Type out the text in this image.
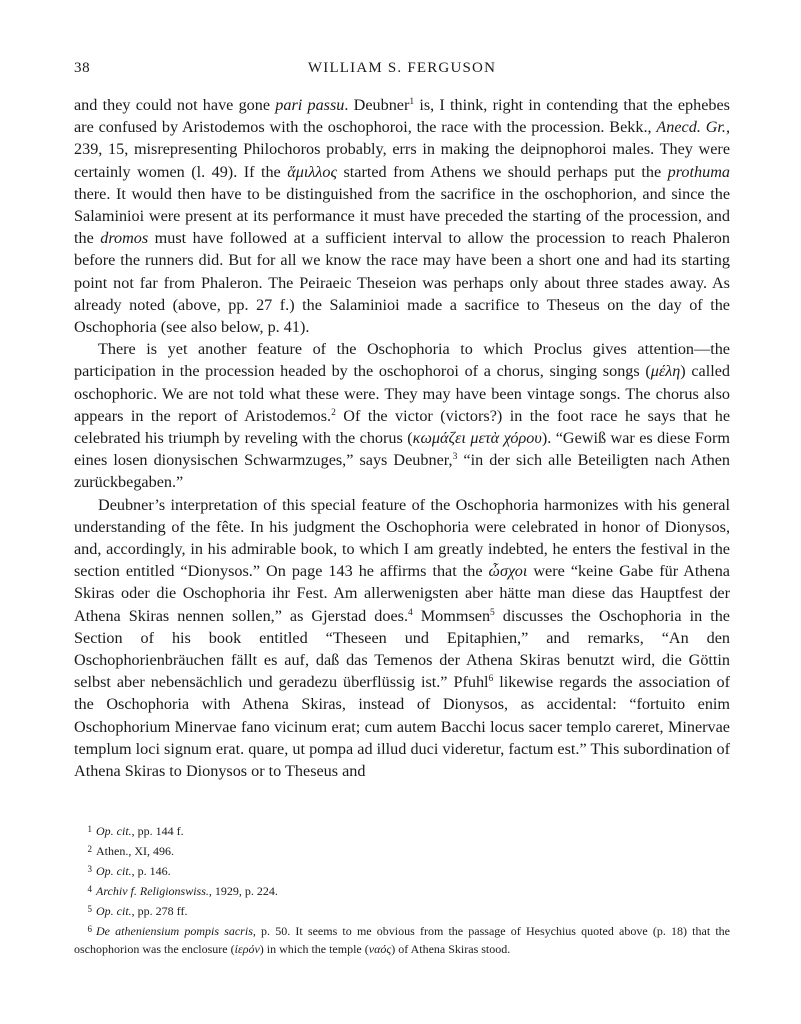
38	WILLIAM S. FERGUSON

and they could not have gone pari passu. Deubner$^1$ is, I think, right in contending that the ephebes are confused by Aristodemos with the oschophoroi, the race with the procession. Bekk., Anecd. Gr., 239, 15, misrepresenting Philochoros probably, errs in making the deipnophoroi males. They were certainly women (l. 49). If the ἅμιλλος started from Athens we should perhaps put the prothuma there. It would then have to be distinguished from the sacrifice in the oschophorion, and since the Salaminioi were present at its performance it must have preceded the starting of the procession, and the dromos must have followed at a sufficient interval to allow the procession to reach Phaleron before the runners did. But for all we know the race may have been a short one and had its starting point not far from Phaleron. The Peiraeic Theseion was perhaps only about three stades away. As already noted (above, pp. 27 f.) the Salaminioi made a sacrifice to Theseus on the day of the Oschophoria (see also below, p. 41).

There is yet another feature of the Oschophoria to which Proclus gives attention—the participation in the procession headed by the oschophoroi of a chorus, singing songs (μέλη) called oschophoric. We are not told what these were. They may have been vintage songs. The chorus also appears in the report of Aristodemos.$^2$ Of the victor (victors?) in the foot race he says that he celebrated his triumph by reveling with the chorus (κωμάζει μετὰ χόρου). “Gewiß war es diese Form eines losen dionysischen Schwarmzuges,” says Deubner,$^3$ “in der sich alle Beteiligten nach Athen zurückbegaben.”

Deubner’s interpretation of this special feature of the Oschophoria harmonizes with his general understanding of the fête. In his judgment the Oschophoria were celebrated in honor of Dionysos, and, accordingly, in his admirable book, to which I am greatly indebted, he enters the festival in the section entitled “Dionysos.” On page 143 he affirms that the ὦσχοι were “keine Gabe für Athena Skiras oder die Oschophoria ihr Fest. Am allerwenigsten aber hätte man diese das Hauptfest der Athena Skiras nennen sollen,” as Gjerstad does.$^4$ Mommsen$^5$ discusses the Oschophoria in the Section of his book entitled “Theseen und Epitaphien,” and remarks, “An den Oschophorienbräuchen fällt es auf, daß das Temenos der Athena Skiras benutzt wird, die Göttin selbst aber nebensächlich und geradezu überflüssig ist.” Pfuhl$^6$ likewise regards the association of the Oschophoria with Athena Skiras, instead of Dionysos, as accidental: “fortuito enim Oschophorium Minervae fano vicinum erat; cum autem Bacchi locus sacer templo careret, Minervae templum loci signum erat. quare, ut pompa ad illud duci videretur, factum est.” This subordination of Athena Skiras to Dionysos or to Theseus and

1 Op. cit., pp. 144 f.
2 Athen., XI, 496.
3 Op. cit., p. 146.
4 Archiv f. Religionswiss., 1929, p. 224.
5 Op. cit., pp. 278 ff.
6 De atheniensium pompis sacris, p. 50. It seems to me obvious from the passage of Hesychius quoted above (p. 18) that the oschophorion was the enclosure (ἱερόν) in which the temple (ναός) of Athena Skiras stood.
